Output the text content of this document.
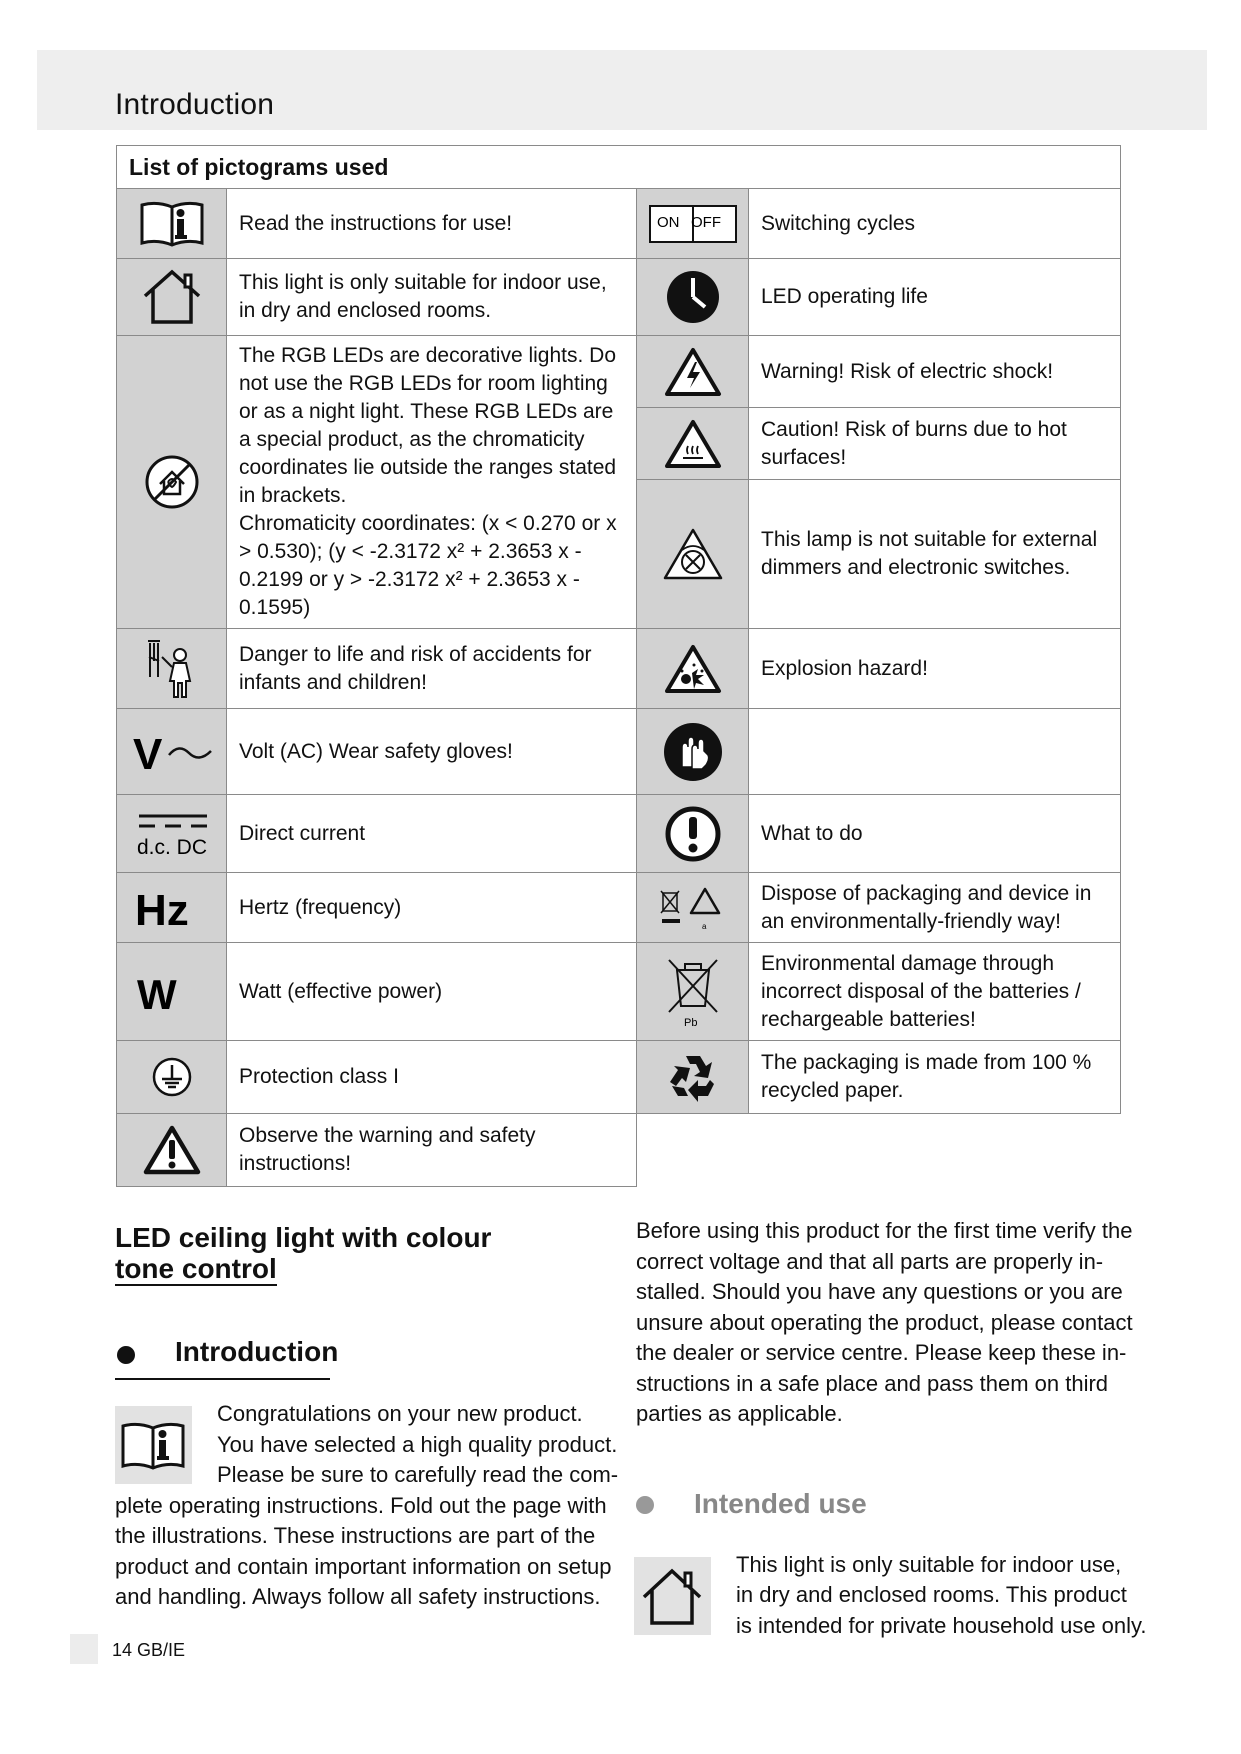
Introduction
List of pictograms used			

	Read the instructions for use!	ON OFF	Switching cycles

	This light is only suitable for indoor use, in dry and enclosed rooms.		LED operating life

The RGB LEDs are decorative lights. Do not use the RGB LEDs for room lighting or as a night light. These RGB LEDs are a special product, as the chromaticity coordinates lie outside the ranges stated in brackets.
Chromaticity coordinates: (x < 0.270 or x > 0.530); (y < -2.3172 x² + 2.3653 x - 0.2199 or y > -2.3172 x² + 2.3653 x - 0.1595)		Warning! Risk of electric shock!

	Caution! Risk of burns due to hot surfaces!

	This lamp is not suitable for external dimmers and electronic switches.

	Danger to life and risk of accidents for infants and children!		Explosion hazard!

V	Volt (AC) Wear safety gloves!	

d.c. DC	Direct current		What to do

Hz	Hertz (frequency)	a	Dispose of packaging and device in an environmentally-friendly way!

W	Watt (effective power)	Pb	Environmental damage through incorrect disposal of the batteries / rechargeable batteries!

	Protection class I		The packaging is made from 100 % recycled paper.

	Observe the warning and safety instructions!		
LED ceiling light with colour
tone control
Introduction
Congratulations on your new product.
You have selected a high quality product.
Please be sure to carefully read the com-
plete operating instructions. Fold out the page with
the illustrations. These instructions are part of the
product and contain important information on setup
and handling. Always follow all safety instructions.
Before using this product for the first time verify the
correct voltage and that all parts are properly in-
stalled. Should you have any questions or you are
unsure about operating the product, please contact
the dealer or service centre. Please keep these in-
structions in a safe place and pass them on third
parties as applicable.
Intended use
This light is only suitable for indoor use,
in dry and enclosed rooms. This product
is intended for private household use only.
14 GB/IE
